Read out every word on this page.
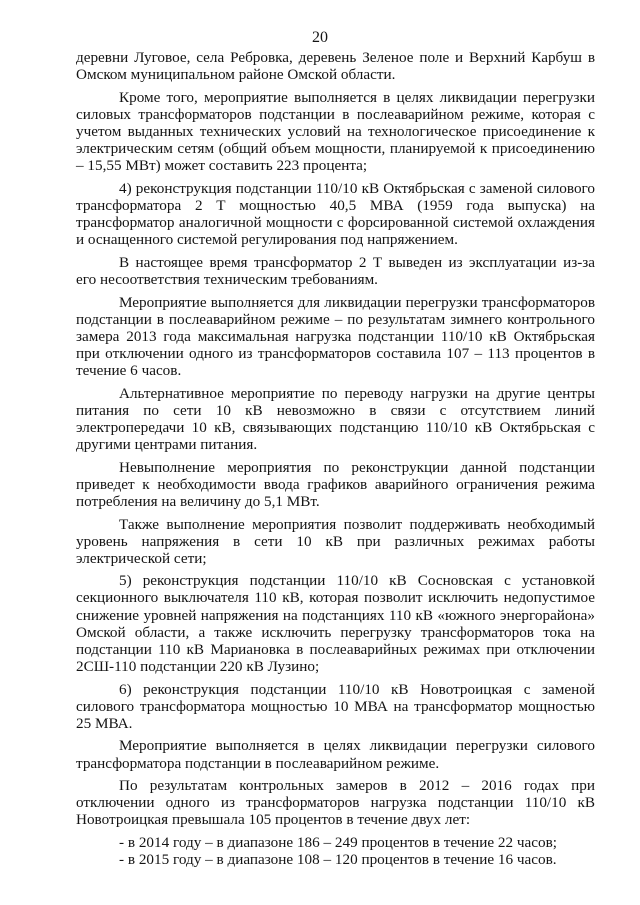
20

деревни Луговое, села Ребровка, деревень Зеленое поле и Верхний Карбуш в Омском муниципальном районе Омской области.

Кроме того, мероприятие выполняется в целях ликвидации перегрузки силовых трансформаторов подстанции в послеаварийном режиме, которая с учетом выданных технических условий на технологическое присоединение к электрическим сетям (общий объем мощности, планируемой к присоединению – 15,55 МВт) может составить 223 процента;

4) реконструкция подстанции 110/10 кВ Октябрьская с заменой силового трансформатора 2 Т мощностью 40,5 МВА (1959 года выпуска) на трансформатор аналогичной мощности с форсированной системой охлаждения и оснащенного системой регулирования под напряжением.

В настоящее время трансформатор 2 Т выведен из эксплуатации из-за его несоответствия техническим требованиям.

Мероприятие выполняется для ликвидации перегрузки трансформаторов подстанции в послеаварийном режиме – по результатам зимнего контрольного замера 2013 года максимальная нагрузка подстанции 110/10 кВ Октябрьская при отключении одного из трансформаторов составила 107 – 113 процентов в течение 6 часов.

Альтернативное мероприятие по переводу нагрузки на другие центры питания по сети 10 кВ невозможно в связи с отсутствием линий электропередачи 10 кВ, связывающих подстанцию 110/10 кВ Октябрьская с другими центрами питания.

Невыполнение мероприятия по реконструкции данной подстанции приведет к необходимости ввода графиков аварийного ограничения режима потребления на величину до 5,1 МВт.

Также выполнение мероприятия позволит поддерживать необходимый уровень напряжения в сети 10 кВ при различных режимах работы электрической сети;

5) реконструкция подстанции 110/10 кВ Сосновская с установкой секционного выключателя 110 кВ, которая позволит исключить недопустимое снижение уровней напряжения на подстанциях 110 кВ «южного энергорайона» Омской области, а также исключить перегрузку трансформаторов тока на подстанции 110 кВ Мариановка в послеаварийных режимах при отключении 2СШ-110 подстанции 220 кВ Лузино;

6) реконструкция подстанции 110/10 кВ Новотроицкая с заменой силового трансформатора мощностью 10 МВА на трансформатор мощностью 25 МВА.

Мероприятие выполняется в целях ликвидации перегрузки силового трансформатора подстанции в послеаварийном режиме.

По результатам контрольных замеров в 2012 – 2016 годах при отключении одного из трансформаторов нагрузка подстанции 110/10 кВ Новотроицкая превышала 105 процентов в течение двух лет:

- в 2014 году – в диапазоне 186 – 249 процентов в течение 22 часов;

- в 2015 году – в диапазоне 108 – 120 процентов в течение 16 часов.
